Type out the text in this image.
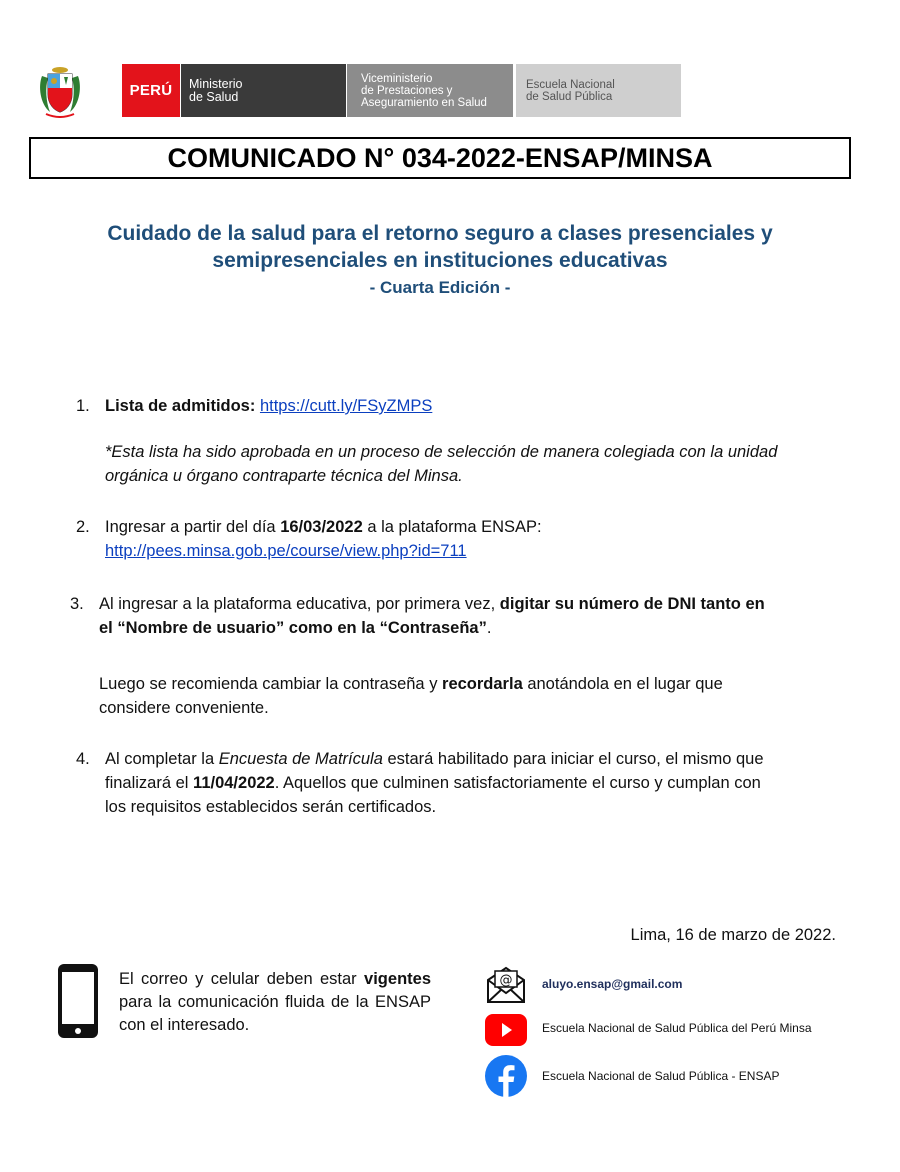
PERÚ Ministerio
de Salud
Viceministerio
de Prestaciones y
Aseguramiento en Salud
Escuela Nacional
de Salud Pública
COMUNICADO N° 034-2022-ENSAP/MINSA
Cuidado de la salud para el retorno seguro a clases presenciales y
semipresenciales en instituciones educativas
- Cuarta Edición -
1. Lista de admitidos: https://cutt.ly/FSyZMPS
*Esta lista ha sido aprobada en un proceso de selección de manera colegiada con la unidad
orgánica u órgano contraparte técnica del Minsa.
2. Ingresar a partir del día 16/03/2022 a la plataforma ENSAP:
http://pees.minsa.gob.pe/course/view.php?id=711
3. Al ingresar a la plataforma educativa, por primera vez, digitar su número de DNI tanto en
el “Nombre de usuario” como en la “Contraseña”.
Luego se recomienda cambiar la contraseña y recordarla anotándola en el lugar que
considere conveniente.
4. Al completar la Encuesta de Matrícula estará habilitado para iniciar el curso, el mismo que
finalizará el 11/04/2022. Aquellos que culminen satisfactoriamente el curso y cumplan con
los requisitos establecidos serán certificados.
Lima, 16 de marzo de 2022.
El correo y celular deben estar vigentes para la comunicación fluida de la ENSAP con el interesado.
@ aluyo.ensap@gmail.com
Escuela Nacional de Salud Pública del Perú Minsa
Escuela Nacional de Salud Pública - ENSAP
